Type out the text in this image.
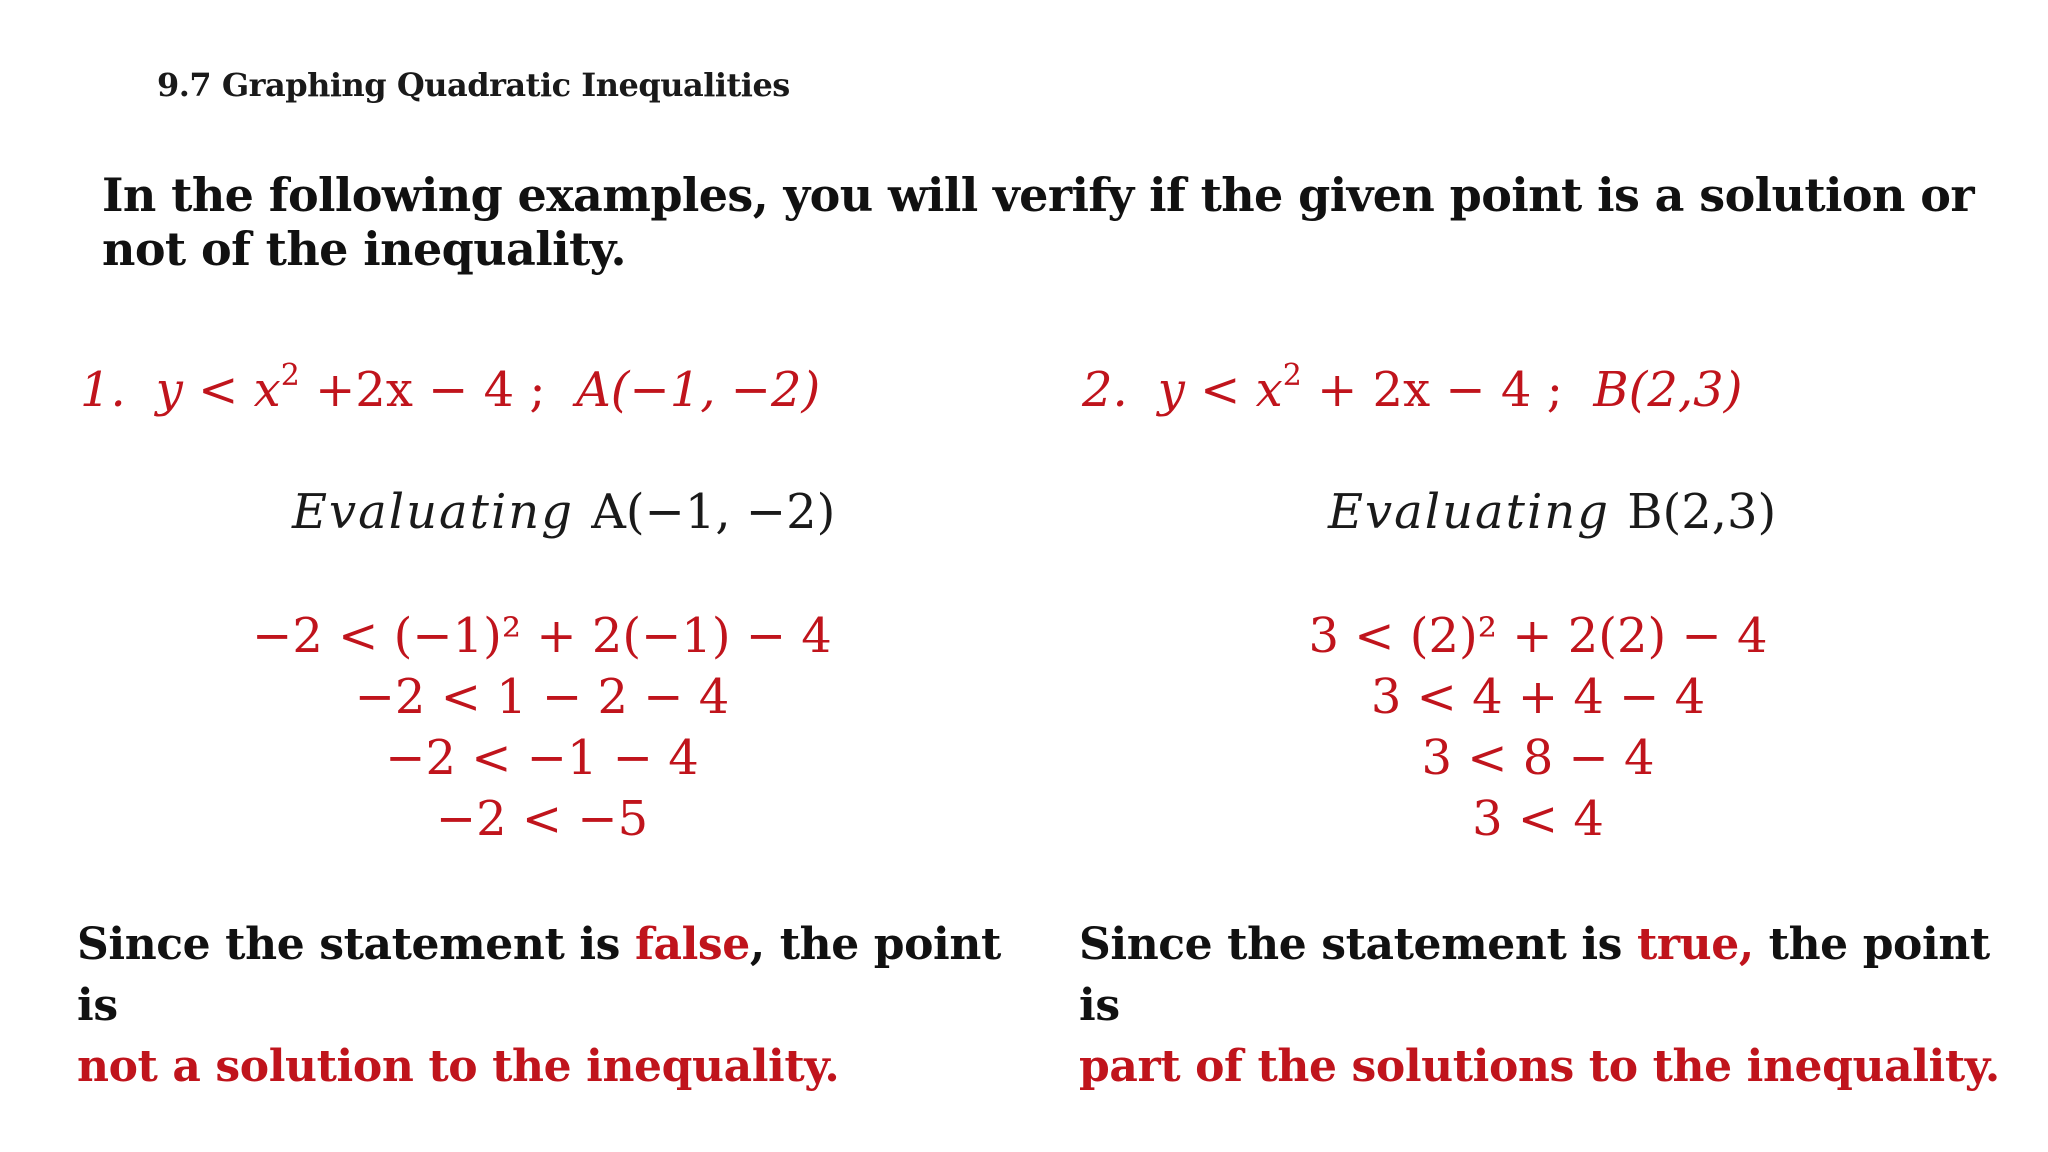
9.7 Graphing Quadratic Inequalities
In the following examples, you will verify if the given point is a solution or not of the inequality.
1. $y < x^2 +2x - 4$ ; A(−1, −2)
Evaluating A(−1, −2)
−2 < (−1)² + 2(−1) − 4
−2 < 1 − 2 − 4
−2 < −1 − 4
−2 < −5
Since the statement is false, the point is
not a solution to the inequality.
2. $y < x^2 + 2x - 4$ ; B(2,3)
Evaluating B(2,3)
3 < (2)² + 2(2) − 4
3 < 4 + 4 − 4
3 < 8 − 4
3 < 4
Since the statement is true, the point is
part of the solutions to the inequality.
